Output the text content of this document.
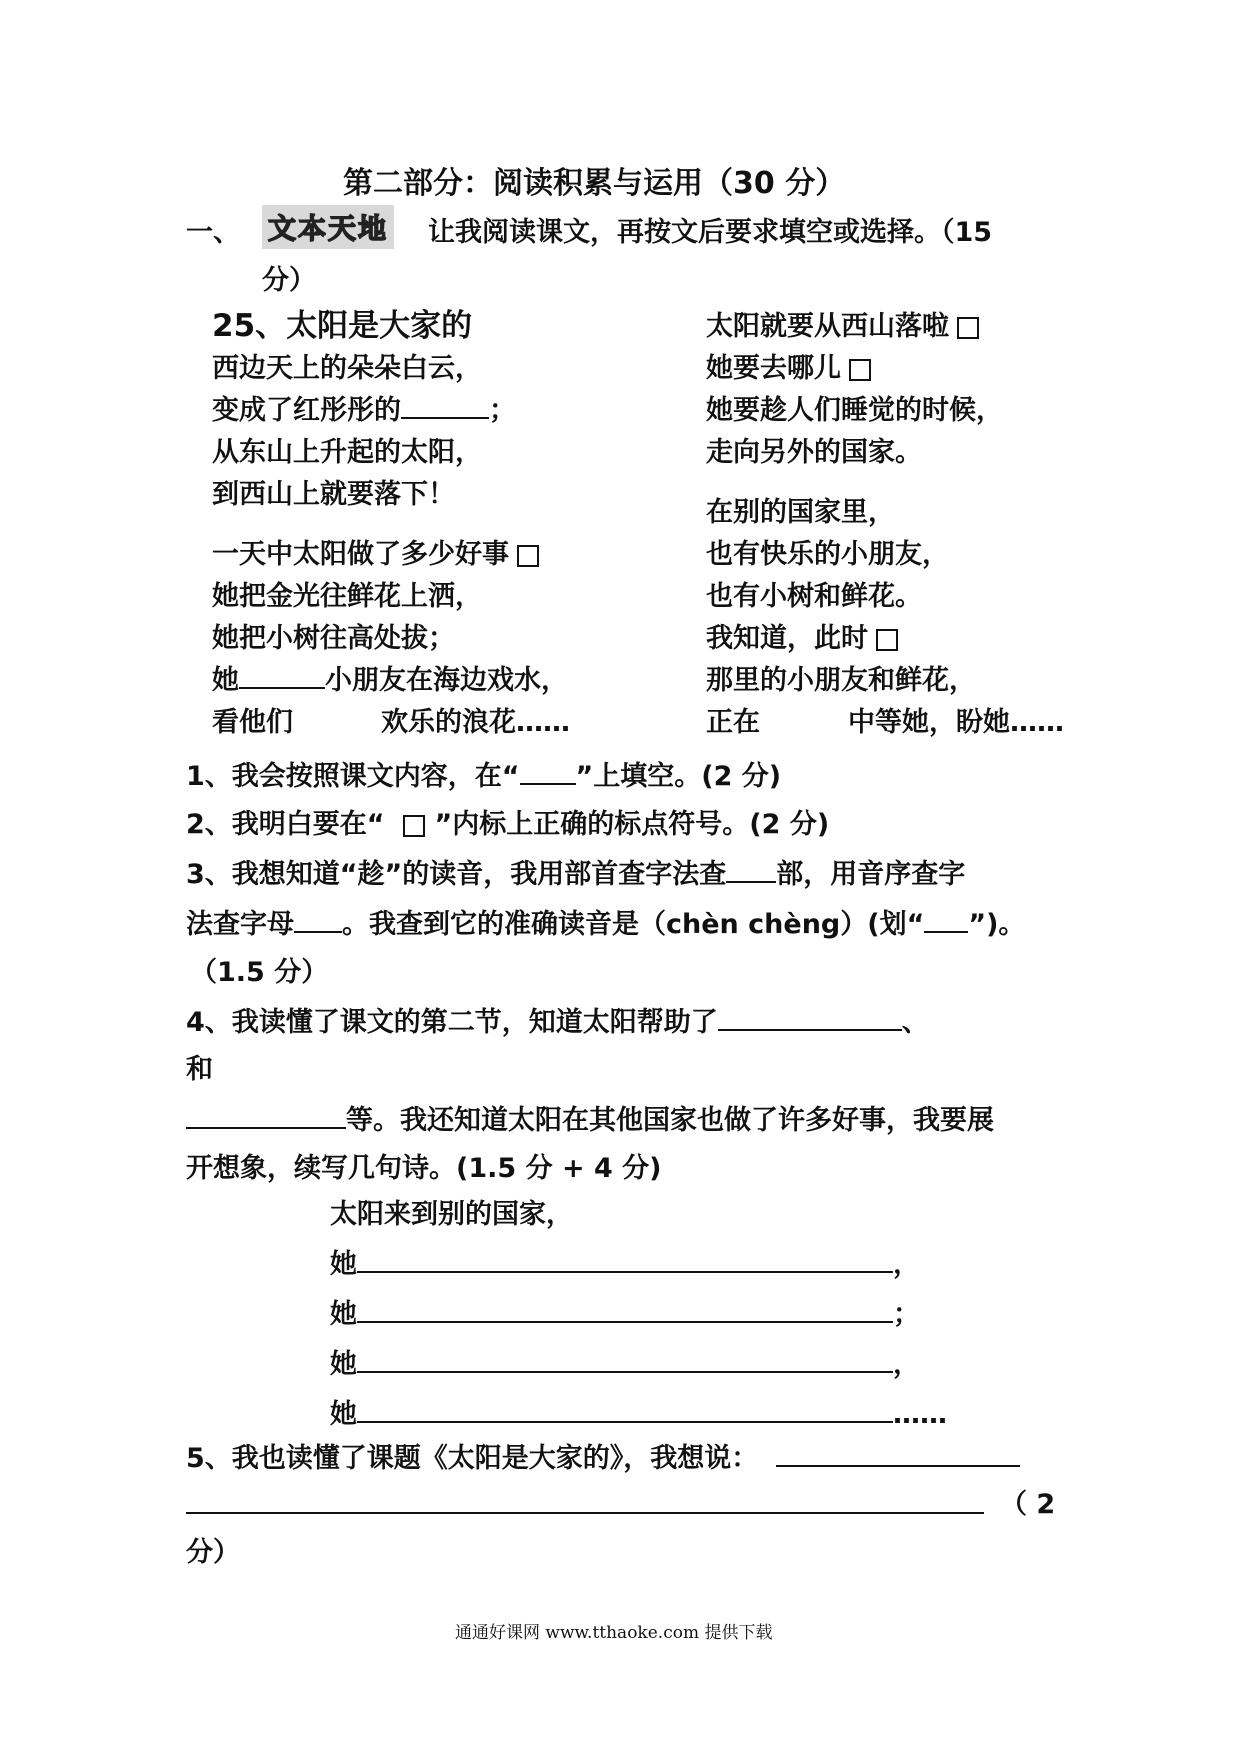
第二部分：阅读积累与运用（30 分）
一、 文本天地 让我阅读课文，再按文后要求填空或选择。（15
分）
25、太阳是大家的
西边天上的朵朵白云，
变成了红彤彤的	；
从东山上升起的太阳，
到西山上就要落下！
一天中太阳做了多少好事
她把金光往鲜花上洒，
她把小树往高处拔；
她	小朋友在海边戏水，
看他们	欢乐的浪花……
太阳就要从西山落啦
她要去哪儿
她要趁人们睡觉的时候，
走向另外的国家。
在别的国家里，
也有快乐的小朋友，
也有小树和鲜花。
我知道，此时
那里的小朋友和鲜花，
正在	中等她，盼她……
1、我会按照课文内容，在“ ”上填空。(2 分)
2、我明白要在“ ”内标上正确的标点符号。(2 分)
3、我想知道“趁”的读音，我用部首查字法查 部，用音序查字
法查字母 。我查到它的准确读音是（chèn chèng）(划“ ”)。
（1.5 分）
4、我读懂了课文的第二节，知道太阳帮助了	、
和
等。我还知道太阳在其他国家也做了许多好事，我要展
开想象，续写几句诗。(1.5 分 + 4 分)
太阳来到别的国家，
她	，
她	；
她	，
她	……
5、我也读懂了课题《太阳是大家的》，我想说：
（ 2
分）
通通好课网 www.tthaoke.com 提供下载
